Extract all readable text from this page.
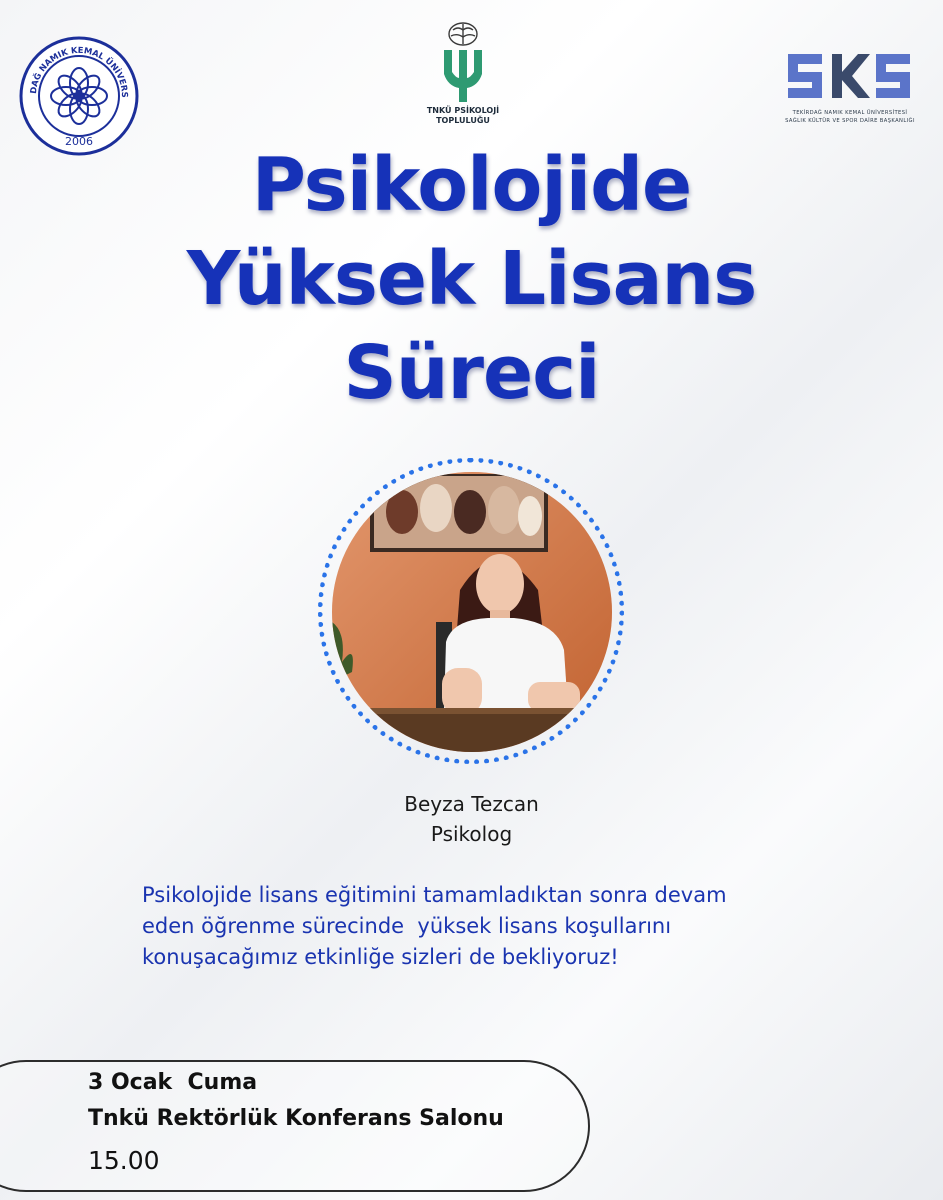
DAĞ NAMIK KEMAL ÜNİVERS
2006
TNKÜ PSİKOLOJİ
TOPLULUĞU
TEKİRDAĞ NAMIK KEMAL ÜNİVERSİTESİ
SAĞLIK KÜLTÜR VE SPOR DAİRE BAŞKANLIĞI
Psikolojide
Yüksek Lisans
Süreci
Beyza Tezcan
Psikolog
Psikolojide lisans eğitimini tamamladıktan sonra devam
eden öğrenme sürecinde  yüksek lisans koşullarını
konuşacağımız etkinliğe sizleri de bekliyoruz!
3 Ocak  Cuma
Tnkü Rektörlük Konferans Salonu
15.00
